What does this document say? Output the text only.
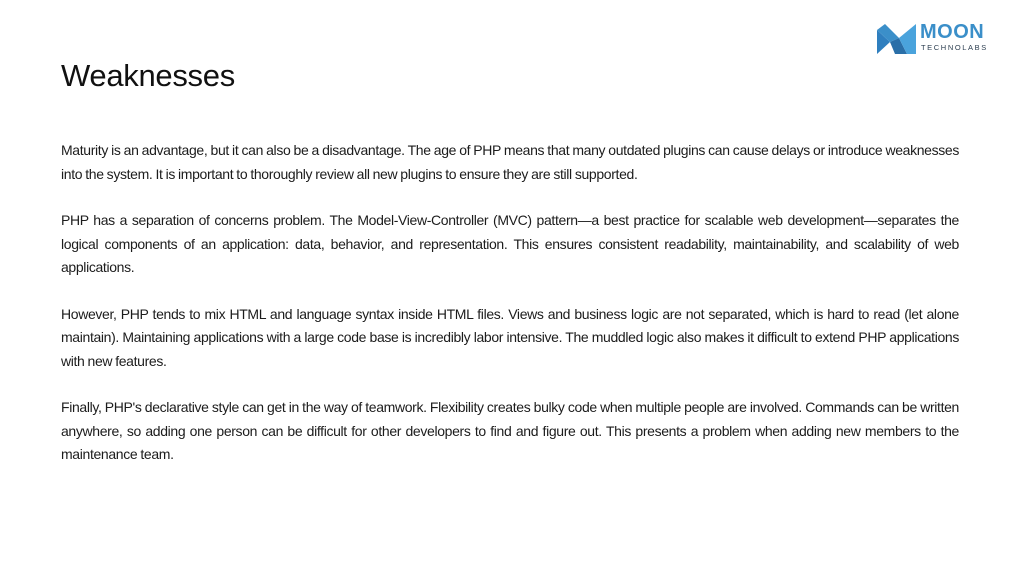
MOON
TECHNOLABS
Weaknesses

Maturity is an advantage, but it can also be a disadvantage. The age of PHP means that many outdated plugins can cause delays or introduce weaknesses into the system. It is important to thoroughly review all new plugins to ensure they are still supported.

PHP has a separation of concerns problem. The Model-View-Controller (MVC) pattern—a best practice for scalable web development—separates the logical components of an application: data, behavior, and representation. This ensures consistent readability, maintainability, and scalability of web applications.

However, PHP tends to mix HTML and language syntax inside HTML files. Views and business logic are not separated, which is hard to read (let alone maintain). Maintaining applications with a large code base is incredibly labor intensive. The muddled logic also makes it difficult to extend PHP applications with new features.

Finally, PHP's declarative style can get in the way of teamwork. Flexibility creates bulky code when multiple people are involved. Commands can be written anywhere, so adding one person can be difficult for other developers to find and figure out. This presents a problem when adding new members to the maintenance team.
